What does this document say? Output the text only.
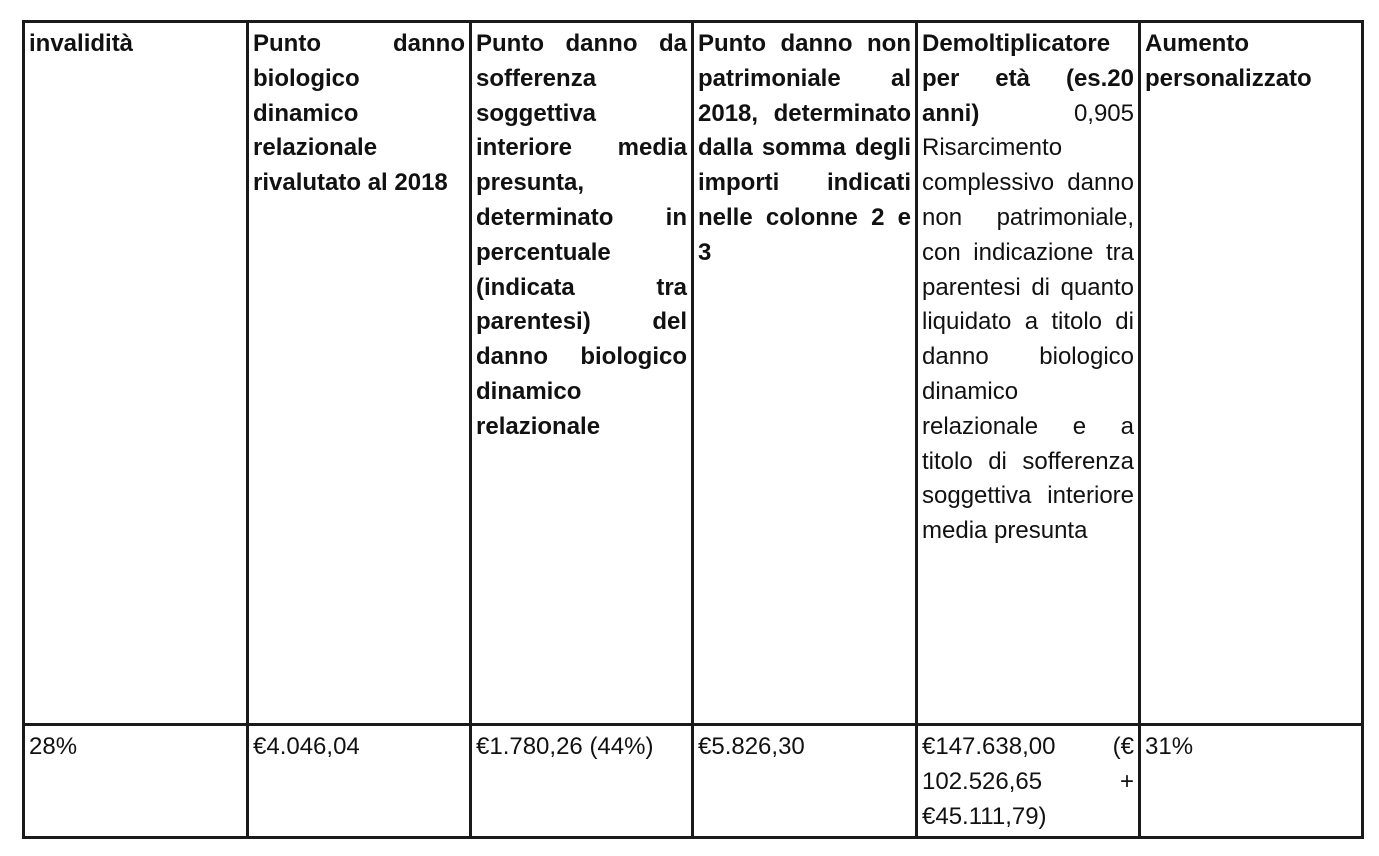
invalidità	Punto danno biologico dinamico relazionale rivalutato al 2018	Punto danno da sofferenza soggettiva interiore media presunta, determinato in percentuale (indicata tra parentesi) del danno biologico dinamico relazionale	Punto danno non patrimoniale al 2018, determinato dalla somma degli importi indicati nelle colonne 2 e 3	Demoltiplicatore per età (es.20 anni) 0,905 Risarcimento complessivo danno non patrimoniale, con indicazione tra parentesi di quanto liquidato a titolo di danno biologico dinamico relazionale e a titolo di sofferenza soggettiva interiore media presunta	Aumento personalizzato

28%	€4.046,04	€1.780,26 (44%)	€5.826,30	€147.638,00 (€ 102.526,65 + €45.111,79)	31%
